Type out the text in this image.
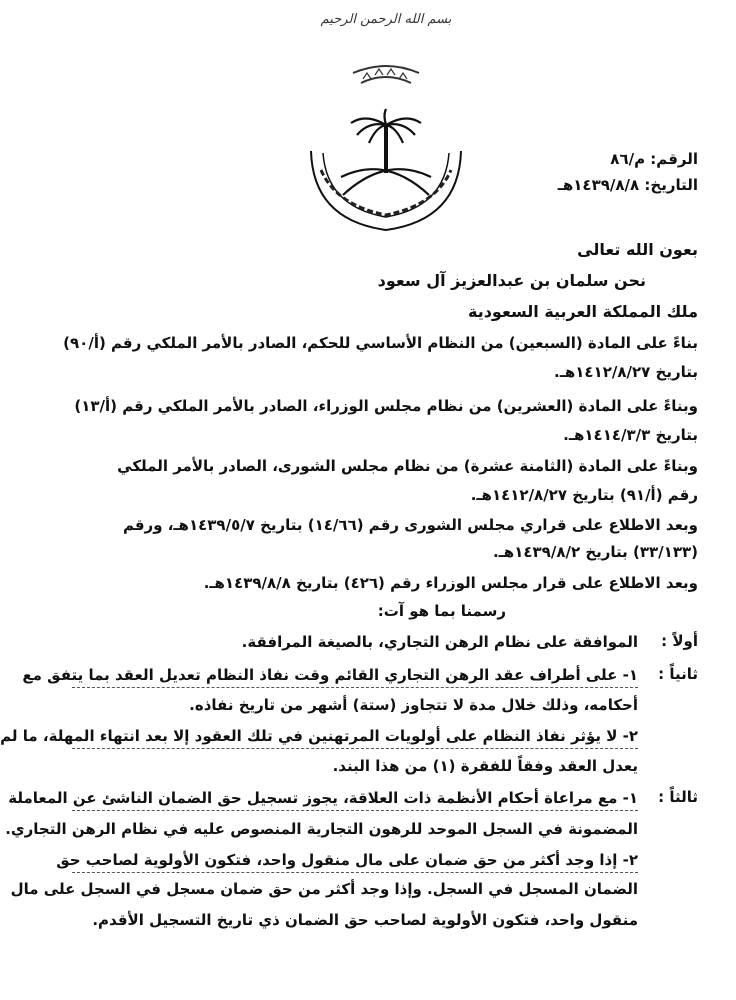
بسم الله الرحمن الرحيم
الرقم: م/٨٦
التاريخ: ١٤٣٩/٨/٨هـ
بعون الله تعالى
نحن سلمان بن عبدالعزيز آل سعود
ملك المملكة العربية السعودية
بناءً على المادة (السبعين) من النظام الأساسي للحكم، الصادر بالأمر الملكي رقم (أ/٩٠)
بتاريخ ١٤١٢/٨/٢٧هـ.
وبناءً على المادة (العشرين) من نظام مجلس الوزراء، الصادر بالأمر الملكي رقم (أ/١٣)
بتاريخ ١٤١٤/٣/٣هـ.
وبناءً على المادة (الثامنة عشرة) من نظام مجلس الشورى، الصادر بالأمر الملكي
رقم (أ/٩١) بتاريخ ١٤١٢/٨/٢٧هـ.
وبعد الاطلاع على قراري مجلس الشورى رقم (١٤/٦٦) بتاريخ ١٤٣٩/٥/٧هـ، ورقم
(٣٣/١٣٣) بتاريخ ١٤٣٩/٨/٢هـ.
وبعد الاطلاع على قرار مجلس الوزراء رقم (٤٢٦) بتاريخ ١٤٣٩/٨/٨هـ.
رسمنا بما هو آت:
أولاً :
الموافقة على نظام الرهن التجاري، بالصيغة المرافقة.
ثانياً :
١- على أطراف عقد الرهن التجاري القائم وقت نفاذ النظام تعديل العقد بما يتفق مع
أحكامه، وذلك خلال مدة لا تتجاوز (ستة) أشهر من تاريخ نفاذه.
٢- لا يؤثر نفاذ النظام على أولويات المرتهنين في تلك العقود إلا بعد انتهاء المهلة، ما لم
يعدل العقد وفقاً للفقرة (١) من هذا البند.
ثالثاً :
١- مع مراعاة أحكام الأنظمة ذات العلاقة، يجوز تسجيل حق الضمان الناشئ عن المعاملة
المضمونة في السجل الموحد للرهون التجارية المنصوص عليه في نظام الرهن التجاري.
٢- إذا وجد أكثر من حق ضمان على مال منقول واحد، فتكون الأولوية لصاحب حق
الضمان المسجل في السجل. وإذا وجد أكثر من حق ضمان مسجل في السجل على مال
منقول واحد، فتكون الأولوية لصاحب حق الضمان ذي تاريخ التسجيل الأقدم.
